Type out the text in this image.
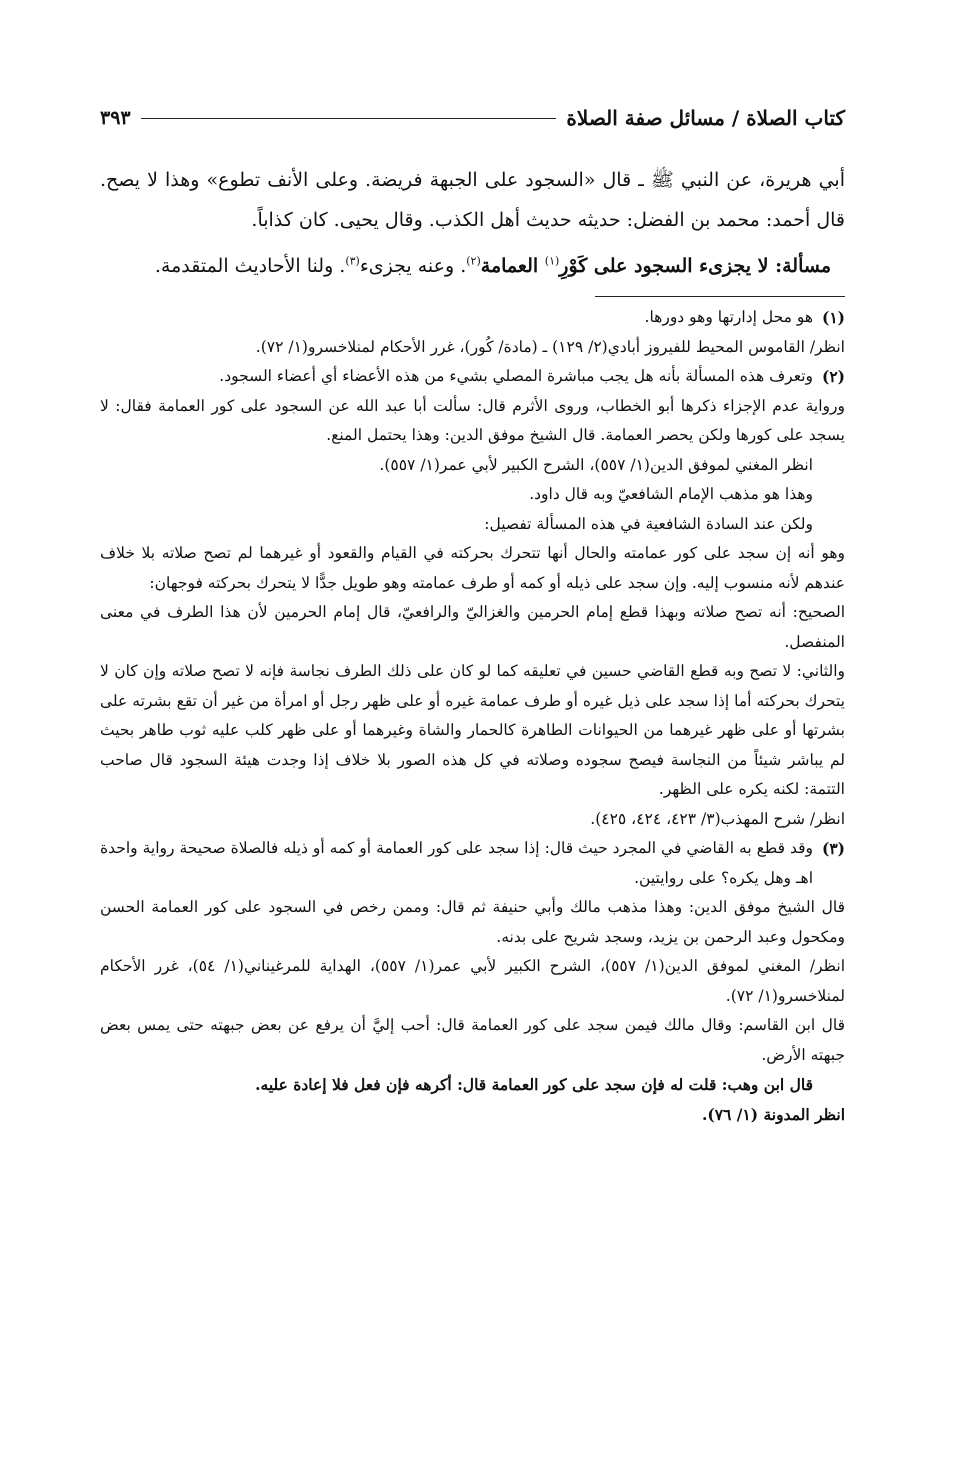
كتاب الصلاة / مسائل صفة الصلاة
٣٩٣

أبي هريرة، عن النبي ﷺ ـ قال «السجود على الجبهة فريضة. وعلى الأنف تطوع» وهذا لا يصح. قال أحمد: محمد بن الفضل: حديثه حديث أهل الكذب. وقال يحيى. كان كذاباً.

مسألة: لا يجزىء السجود على كَوْرِ$^{(١)}$ العمامة$^{(٢)}$. وعنه يجزىء$^{(٣)}$. ولنا الأحاديث المتقدمة.

(١)
هو محل إدارتها وهو دورها.

انظر/ القاموس المحيط للفيروز أبادي(٢/ ١٢٩) ـ (مادة/ كُور)، غرر الأحكام لمنلاخسرو(١/ ٧٢).

(٢)
وتعرف هذه المسألة بأنه هل يجب مباشرة المصلي بشيء من هذه الأعضاء أي أعضاء السجود.

ورواية عدم الإجزاء ذكرها أبو الخطاب، وروى الأثرم قال: سألت أبا عبد الله عن السجود على كور العمامة فقال: لا يسجد على كورها ولكن يحصر العمامة. قال الشيخ موفق الدين: وهذا يحتمل المنع.

انظر المغني لموفق الدين(١/ ٥٥٧)، الشرح الكبير لأبي عمر(١/ ٥٥٧).

وهذا هو مذهب الإمام الشافعيّ وبه قال داود.

ولكن عند السادة الشافعية في هذه المسألة تفصيل:

وهو أنه إن سجد على كور عمامته والحال أنها تتحرك بحركته في القيام والقعود أو غيرهما لم تصح صلاته بلا خلاف عندهم لأنه منسوب إليه. وإن سجد على ذيله أو كمه أو طرف عمامته وهو طويل جدًّا لا يتحرك بحركته فوجهان:

الصحيح: أنه تصح صلاته وبهذا قطع إمام الحرمين والغزاليّ والرافعيّ، قال إمام الحرمين لأن هذا الطرف في معنى المنفصل.

والثاني: لا تصح وبه قطع القاضي حسين في تعليقه كما لو كان على ذلك الطرف نجاسة فإنه لا تصح صلاته وإن كان لا يتحرك بحركته أما إذا سجد على ذيل غيره أو طرف عمامة غيره أو على ظهر رجل أو امرأة من غير أن تقع بشرته على بشرتها أو على ظهر غيرهما من الحيوانات الطاهرة كالحمار والشاة وغيرهما أو على ظهر كلب عليه ثوب طاهر بحيث لم يباشر شيئاً من النجاسة فيصح سجوده وصلاته في كل هذه الصور بلا خلاف إذا وجدت هيئة السجود قال صاحب التتمة: لكنه يكره على الظهر.

انظر/ شرح المهذب(٣/ ٤٢٣، ٤٢٤، ٤٢٥).

(٣)
وقد قطع به القاضي في المجرد حيث قال: إذا سجد على كور العمامة أو كمه أو ذيله فالصلاة صحيحة رواية واحدة اهـ وهل يكره؟ على روايتين.

قال الشيخ موفق الدين: وهذا مذهب مالك وأبي حنيفة ثم قال: وممن رخص في السجود على كور العمامة الحسن ومكحول وعبد الرحمن بن يزيد، وسجد شريح على بدنه.

انظر/ المغني لموفق الدين(١/ ٥٥٧)، الشرح الكبير لأبي عمر(١/ ٥٥٧)، الهداية للمرغيناني(١/ ٥٤)، غرر الأحكام لمنلاخسرو(١/ ٧٢).

قال ابن القاسم: وقال مالك فيمن سجد على كور العمامة قال: أحب إليَّ أن يرفع عن بعض جبهته حتى يمس بعض جبهته الأرض.

قال ابن وهب: قلت له فإن سجد على كور العمامة قال: أكرهه فإن فعل فلا إعادة عليه.

انظر المدونة (١/ ٧٦).
